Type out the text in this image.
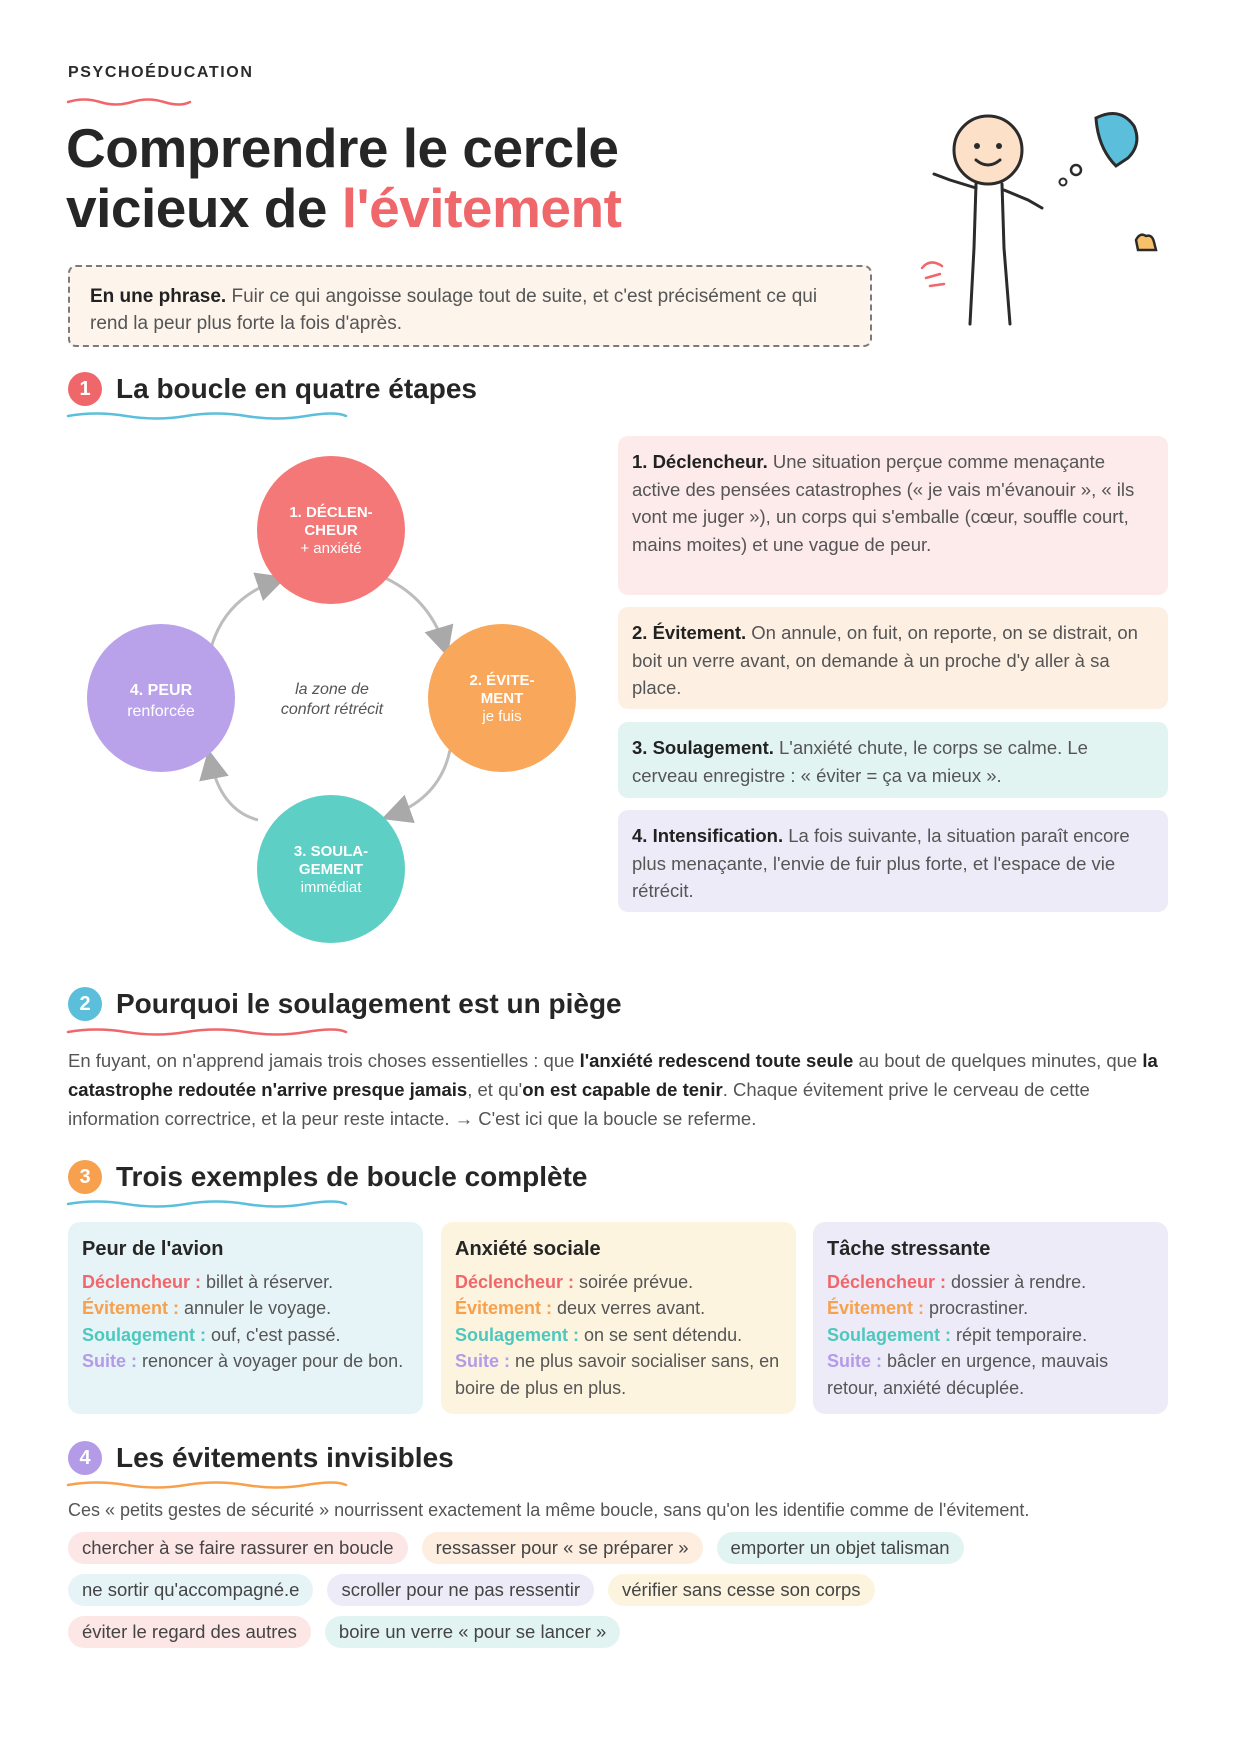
PSYCHOÉDUCATION
Comprendre le cercle
vicieux de l'évitement
En une phrase. Fuir ce qui angoisse soulage tout de suite, et c'est précisément ce qui rend la peur plus forte la fois d'après.
1 La boucle en quatre étapes
1. DÉCLEN-
CHEUR
+ anxiété
2. ÉVITE-
MENT
je fuis
3. SOULA-
GEMENT
immédiat
4. PEUR
renforcée
la zone de
confort rétrécit
1. Déclencheur. Une situation perçue comme menaçante active des pensées catastrophes (« je vais m'évanouir », « ils vont me juger »), un corps qui s'emballe (cœur, souffle court, mains moites) et une vague de peur.
2. Évitement. On annule, on fuit, on reporte, on se distrait, on boit un verre avant, on demande à un proche d'y aller à sa place.
3. Soulagement. L'anxiété chute, le corps se calme. Le cerveau enregistre : « éviter = ça va mieux ».
4. Intensification. La fois suivante, la situation paraît encore plus menaçante, l'envie de fuir plus forte, et l'espace de vie rétrécit.
2 Pourquoi le soulagement est un piège

En fuyant, on n'apprend jamais trois choses essentielles : que l'anxiété redescend toute seule au bout de quelques minutes, que la catastrophe redoutée n'arrive presque jamais, et qu'on est capable de tenir. Chaque évitement prive le cerveau de cette information correctrice, et la peur reste intacte. → C'est ici que la boucle se referme.

3 Trois exemples de boucle complète
Peur de l'avion

Déclencheur : billet à réserver.

Évitement : annuler le voyage.

Soulagement : ouf, c'est passé.

Suite : renoncer à voyager pour de bon.

Anxiété sociale

Déclencheur : soirée prévue.

Évitement : deux verres avant.

Soulagement : on se sent détendu.

Suite : ne plus savoir socialiser sans, en boire de plus en plus.

Tâche stressante

Déclencheur : dossier à rendre.

Évitement : procrastiner.

Soulagement : répit temporaire.

Suite : bâcler en urgence, mauvais retour, anxiété décuplée.

4 Les évitements invisibles

Ces « petits gestes de sécurité » nourrissent exactement la même boucle, sans qu'on les identifie comme de l'évitement.

chercher à se faire rassurer en boucle	ressasser pour « se préparer »	emporter un objet talisman
ne sortir qu'accompagné.e	scroller pour ne pas ressentir	vérifier sans cesse son corps
éviter le regard des autres	boire un verre « pour se lancer »
